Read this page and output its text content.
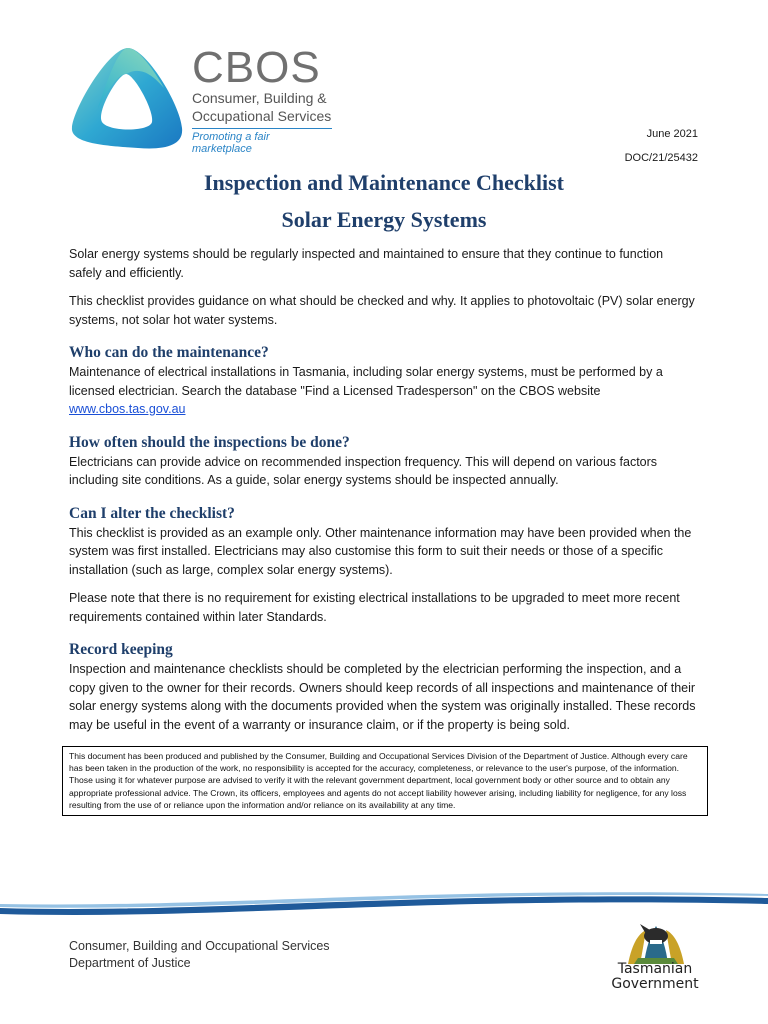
CBOS
Consumer, Building &
Occupational Services
Promoting a fair marketplace
June 2021
DOC/21/25432
Inspection and Maintenance Checklist
Solar Energy Systems

Solar energy systems should be regularly inspected and maintained to ensure that they continue to function safely and efficiently.

This checklist provides guidance on what should be checked and why. It applies to photovoltaic (PV) solar energy systems, not solar hot water systems.

Who can do the maintenance?

Maintenance of electrical installations in Tasmania, including solar energy systems, must be performed by a licensed electrician. Search the database "Find a Licensed Tradesperson" on the CBOS website www.cbos.tas.gov.au

How often should the inspections be done?

Electricians can provide advice on recommended inspection frequency. This will depend on various factors including site conditions. As a guide, solar energy systems should be inspected annually.

Can I alter the checklist?

This checklist is provided as an example only. Other maintenance information may have been provided when the system was first installed. Electricians may also customise this form to suit their needs or those of a specific installation (such as large, complex solar energy systems).

Please note that there is no requirement for existing electrical installations to be upgraded to meet more recent requirements contained within later Standards.

Record keeping

Inspection and maintenance checklists should be completed by the electrician performing the inspection, and a copy given to the owner for their records. Owners should keep records of all inspections and maintenance of their solar energy systems along with the documents provided when the system was originally installed. These records may be useful in the event of a warranty or insurance claim, or if the property is being sold.

This document has been produced and published by the Consumer, Building and Occupational Services Division of the Department of Justice. Although every care has been taken in the production of the work, no responsibility is accepted for the accuracy, completeness, or relevance to the user's purpose, of the information. Those using it for whatever purpose are advised to verify it with the relevant government department, local government body or other source and to obtain any appropriate professional advice. The Crown, its officers, employees and agents do not accept liability however arising, including liability for negligence, for any loss resulting from the use of or reliance upon the information and/or reliance on its availability at any time.
Consumer, Building and Occupational Services
Department of Justice	Tasmanian
Government
